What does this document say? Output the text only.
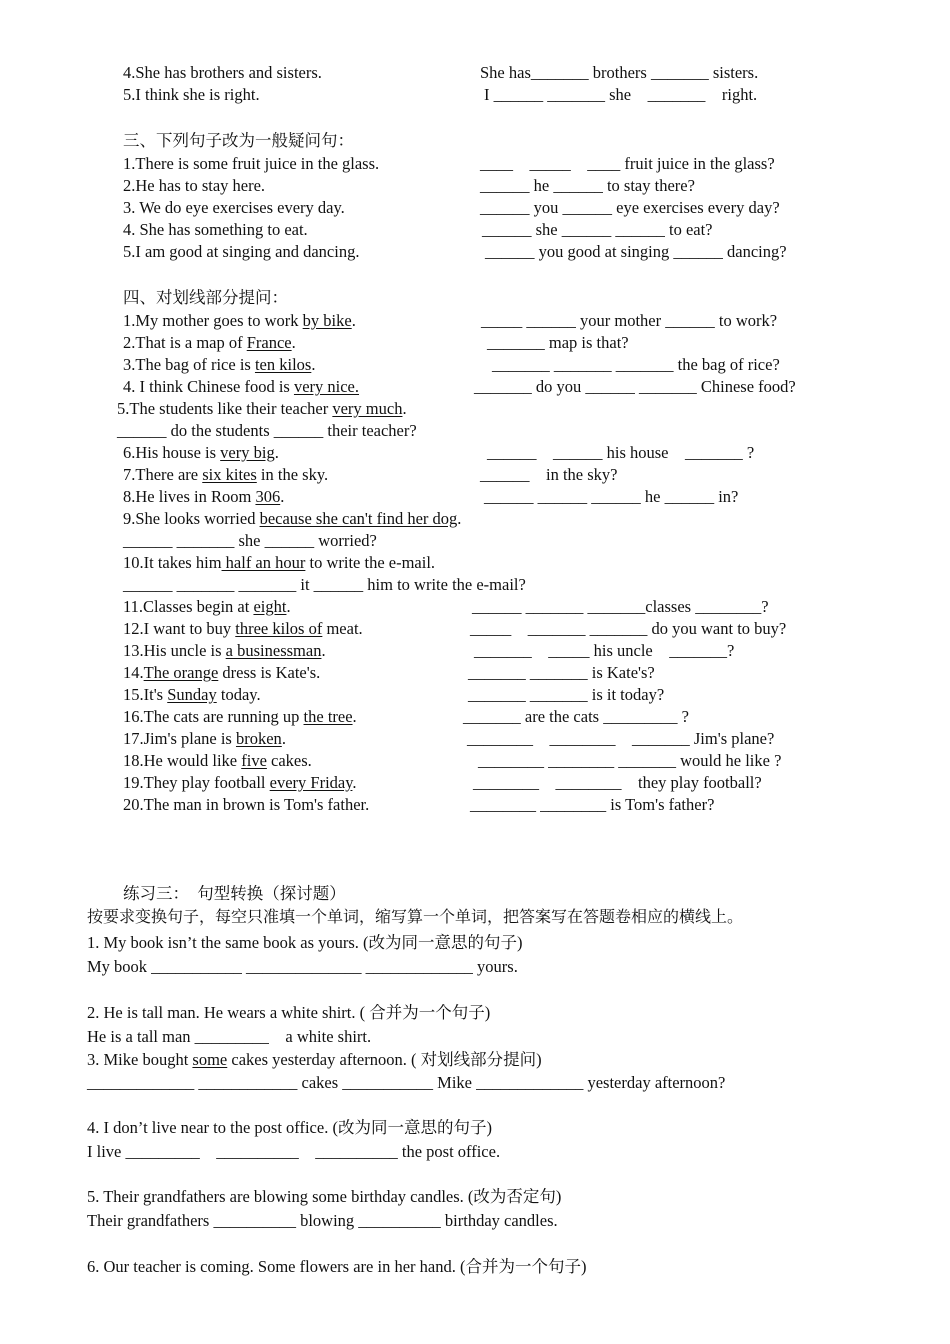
4.She has brothers and sisters.	She has_______ brothers _______ sisters.
5.I think she is right.	I ______ _______ she    _______    right.
三、下列句子改为一般疑问句：
1.There is some fruit juice in the glass.	____    _____    ____ fruit juice in the glass?
2.He has to stay here.	______ he ______ to stay there?
3. We do eye exercises every day.	______ you ______ eye exercises every day?
4. She has something to eat.	______ she ______ ______ to eat?
5.I am good at singing and dancing.	______ you good at singing ______ dancing?
四、对划线部分提问：
1.My mother goes to work by bike.	_____ ______ your mother ______ to work?
2.That is a map of France.	_______ map is that?
3.The bag of rice is ten kilos.	_______ _______ _______ the bag of rice?
4. I think Chinese food is very nice.	_______ do you ______ _______ Chinese food?
5.The students like their teacher very much.
______ do the students ______ their teacher?
6.His house is very big.	______    ______ his house    _______ ?
7.There are six kites in the sky.	______    in the sky?
8.He lives in Room 306.	______ ______ ______ he ______ in?
9.She looks worried because she can't find her dog.
______ _______ she ______ worried?
10.It takes him half an hour to write the e-mail.
______ _______ _______ it ______ him to write the e-mail?
11.Classes begin at eight.	______ _______ _______classes ________?
12.I want to buy three kilos of meat.	_____    _______ _______ do you want to buy?
13.His uncle is a businessman.	_______    _____ his uncle    _______?
14.The orange dress is Kate's.	_______ _______ is Kate's?
15.It's Sunday today.	_______ _______ is it today?
16.The cats are running up the tree.	_______ are the cats _________ ?
17.Jim's plane is broken.	________    ________    _______ Jim's plane?
18.He would like five cakes.	________ ________ _______ would he like ?
19.They play football every Friday.	________    ________    they play football?
20.The man in brown is Tom's father.	________ ________ is Tom's father?
练习三：  句型转换（探讨题）
按要求变换句子，每空只准填一个单词，缩写算一个单词，把答案写在答题卷相应的横线上。
1. My book isn’t the same book as yours. (改为同一意思的句子)
My book ___________ ______________ _____________ yours.
2. He is tall man. He wears a white shirt. ( 合并为一个句子)
He is a tall man _________    a white shirt.
3. Mike bought some cakes yesterday afternoon. ( 对划线部分提问)
_____________ ____________ cakes ___________ Mike _____________ yesterday afternoon?
4. I don’t live near to the post office. (改为同一意思的句子)
I live _________    __________    __________ the post office.
5. Their grandfathers are blowing some birthday candles. (改为否定句)
Their grandfathers __________ blowing __________ birthday candles.
6. Our teacher is coming. Some flowers are in her hand. (合并为一个句子)
